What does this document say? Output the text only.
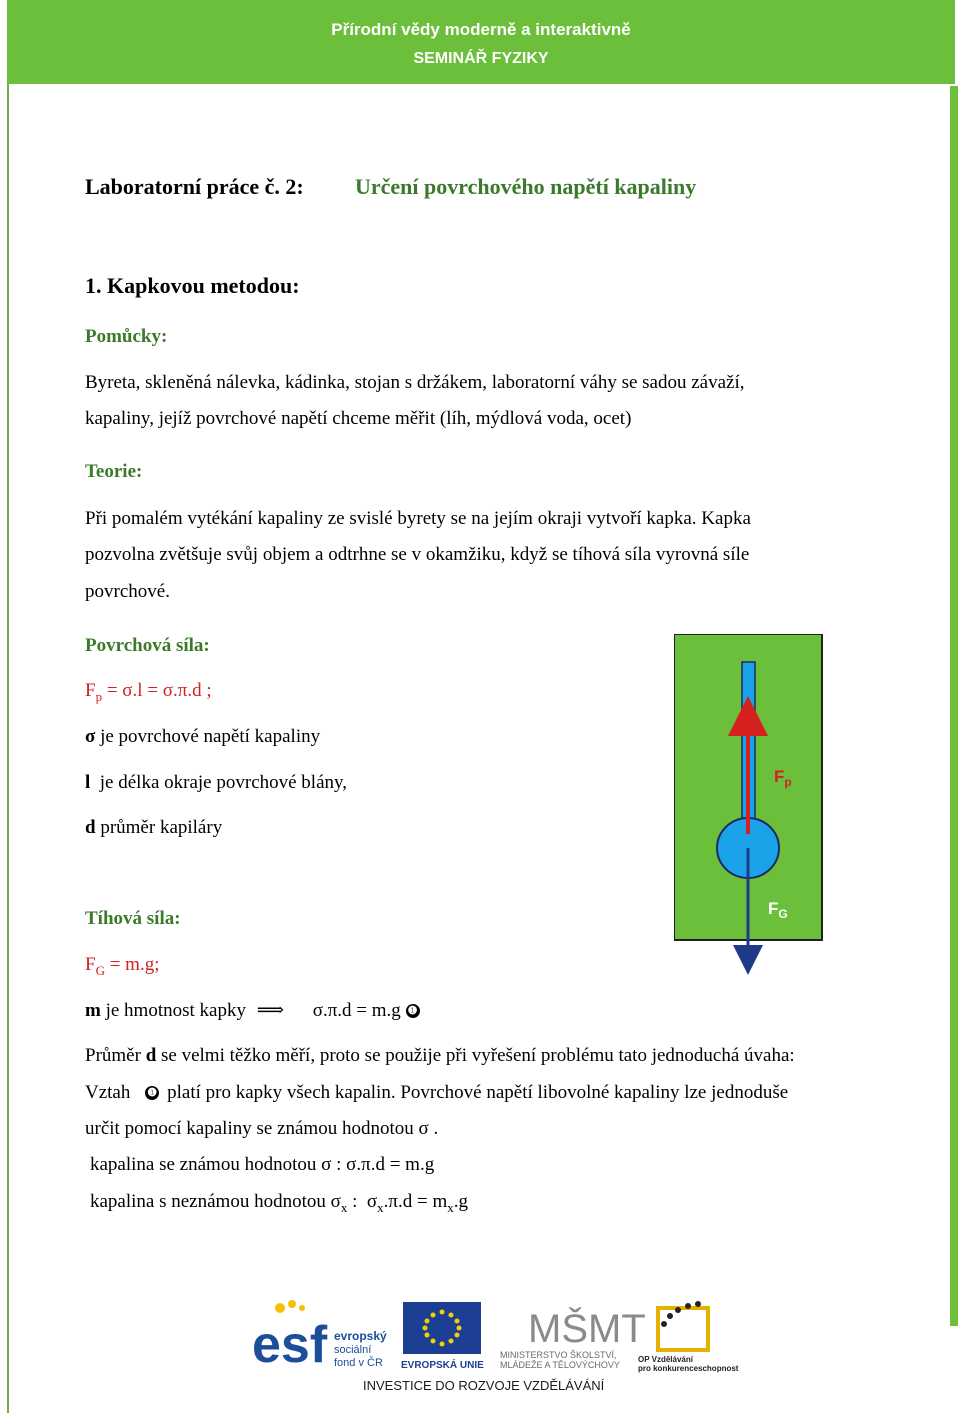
Přírodní vědy moderně a interaktivně
SEMINÁŘ FYZIKY
Laboratorní práce č. 2: Určení povrchového napětí kapaliny
1. Kapkovou metodou:
Pomůcky:
Byreta, skleněná nálevka, kádinka, stojan s držákem, laboratorní váhy se sadou závaží,
kapaliny, jejíž povrchové napětí chceme měřit (líh, mýdlová voda, ocet)
Teorie:
Při pomalém vytékání kapaliny ze svislé byrety se na jejím okraji vytvoří kapka. Kapka
pozvolna zvětšuje svůj objem a odtrhne se v okamžiku, když se tíhová síla vyrovná síle
povrchové.
Povrchová síla:
$F_p = \sigma.l = \sigma.\pi.d$ ;
σ je povrchové napětí kapaliny
l  je délka okraje povrchové blány,
d průměr kapiláry
Tíhová síla:
$F_G = m.g$;
m je hmotnost kapky ⟹ σ.π.d = m.g ❶
Průměr d se velmi těžko měří, proto se použije při vyřešení problému tato jednoduchá úvaha:
Vztah ❶ platí pro kapky všech kapalin. Povrchové napětí libovolné kapaliny lze jednoduše
určit pomocí kapaliny se známou hodnotou σ .
kapalina se známou hodnotou σ : σ.π.d = m.g
kapalina s neznámou hodnotou $\sigma_x$ :  $\sigma_x.\pi.d = m_x.g$
$F_p$
$F_G$
esf evropský
sociální
fond v ČR EVROPSKÁ UNIE
MŠMT
MINISTERSTVO ŠKOLSTVÍ,
MLÁDEŽE A TĚLOVÝCHOVY
OP Vzdělávání
pro konkurenceschopnost
INVESTICE DO ROZVOJE VZDĚLÁVÁNÍ
